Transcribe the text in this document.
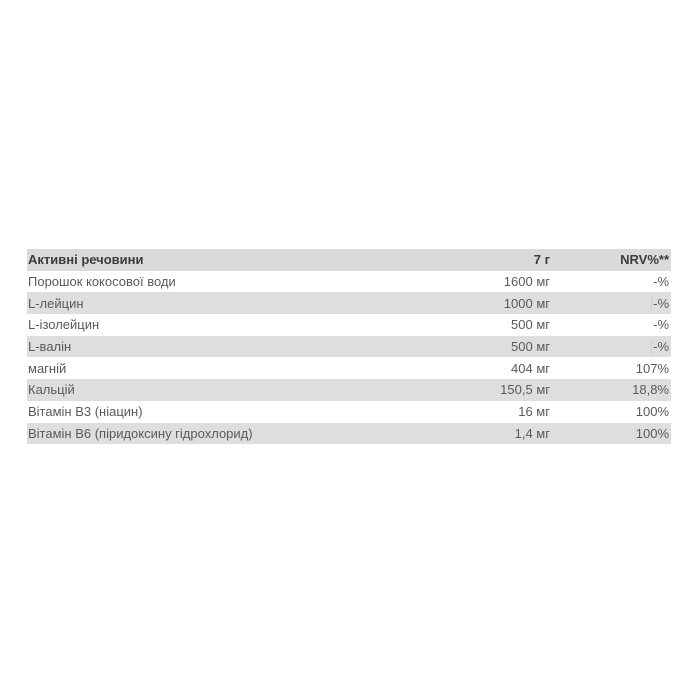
Активні речовини	7 г	NRV%**
Порошок кокосової води	1600 мг	-%
L-лейцин	1000 мг	-%
L-ізолейцин	500 мг	-%
L-валін	500 мг	-%
магній	404 мг	107%
Кальцій	150,5 мг	18,8%
Вітамін B3 (ніацин)	16 мг	100%
Вітамін B6 (піридоксину гідрохлорид)	1,4 мг	100%
